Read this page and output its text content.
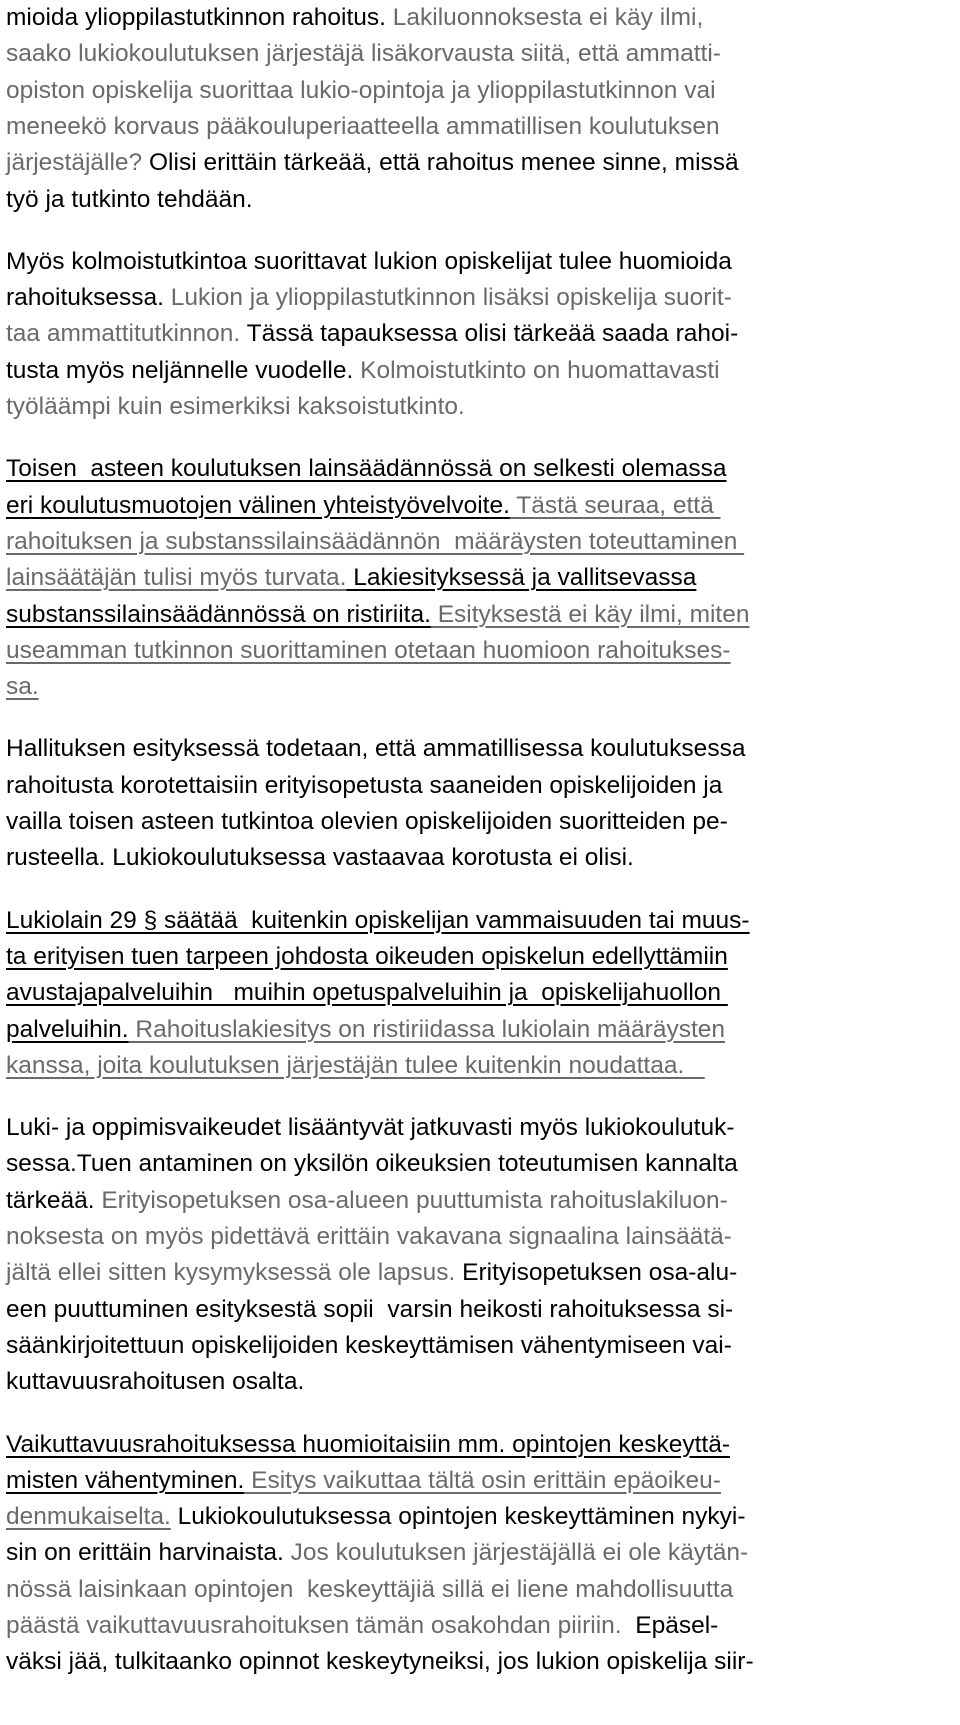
mioida ylioppilastutkinnon rahoitus. Lakiluonnoksesta ei käy ilmi,
saako lukiokoulutuksen järjestäjä lisäkorvausta siitä, että ammatti-
opiston opiskelija suorittaa lukio-opintoja ja ylioppilastutkinnon vai
meneekö korvaus pääkouluperiaatteella ammatillisen koulutuksen
järjestäjälle? Olisi erittäin tärkeää, että rahoitus menee sinne, missä
työ ja tutkinto tehdään.
Myös kolmoistutkintoa suorittavat lukion opiskelijat tulee huomioida
rahoituksessa. Lukion ja ylioppilastutkinnon lisäksi opiskelija suorit-
taa ammattitutkinnon. Tässä tapauksessa olisi tärkeää saada rahoi-
tusta myös neljännelle vuodelle. Kolmoistutkinto on huomattavasti
työläämpi kuin esimerkiksi kaksoistutkinto.
Toisen  asteen koulutuksen lainsäädännössä on selkesti olemassa
eri koulutusmuotojen välinen yhteistyövelvoite. Tästä seuraa, että
rahoituksen ja substanssilainsäädännön  määräysten toteuttaminen
lainsäätäjän tulisi myös turvata. Lakiesityksessä ja vallitsevassa
substanssilainsäädännössä on ristiriita. Esityksestä ei käy ilmi, miten
useamman tutkinnon suorittaminen otetaan huomioon rahoitukses-
sa.
Hallituksen esityksessä todetaan, että ammatillisessa koulutuksessa
rahoitusta korotettaisiin erityisopetusta saaneiden opiskelijoiden ja
vailla toisen asteen tutkintoa olevien opiskelijoiden suoritteiden pe-
rusteella. Lukiokoulutuksessa vastaavaa korotusta ei olisi.
Lukiolain 29 § säätää  kuitenkin opiskelijan vammaisuuden tai muus-
ta erityisen tuen tarpeen johdosta oikeuden opiskelun edellyttämiin
avustajapalveluihin   muihin opetuspalveluihin ja  opiskelijahuollon
palveluihin. Rahoituslakiesitys on ristiriidassa lukiolain määräysten
kanssa, joita koulutuksen järjestäjän tulee kuitenkin noudattaa.
Luki- ja oppimisvaikeudet lisääntyvät jatkuvasti myös lukiokoulutuk-
sessa.Tuen antaminen on yksilön oikeuksien toteutumisen kannalta
tärkeää. Erityisopetuksen osa-alueen puuttumista rahoituslakiluon-
noksesta on myös pidettävä erittäin vakavana signaalina lainsäätä-
jältä ellei sitten kysymyksessä ole lapsus. Erityisopetuksen osa-alu-
een puuttuminen esityksestä sopii  varsin heikosti rahoituksessa si-
säänkirjoitettuun opiskelijoiden keskeyttämisen vähentymiseen vai-
kuttavuusrahoitusen osalta.
Vaikuttavuusrahoituksessa huomioitaisiin mm. opintojen keskeyttä-
misten vähentyminen. Esitys vaikuttaa tältä osin erittäin epäoikeu-
denmukaiselta. Lukiokoulutuksessa opintojen keskeyttäminen nykyi-
sin on erittäin harvinaista. Jos koulutuksen järjestäjällä ei ole käytän-
nössä laisinkaan opintojen  keskeyttäjiä sillä ei liene mahdollisuutta
päästä vaikuttavuusrahoituksen tämän osakohdan piiriin.  Epäsel-
väksi jää, tulkitaanko opinnot keskeytyneiksi, jos lukion opiskelija siir-
